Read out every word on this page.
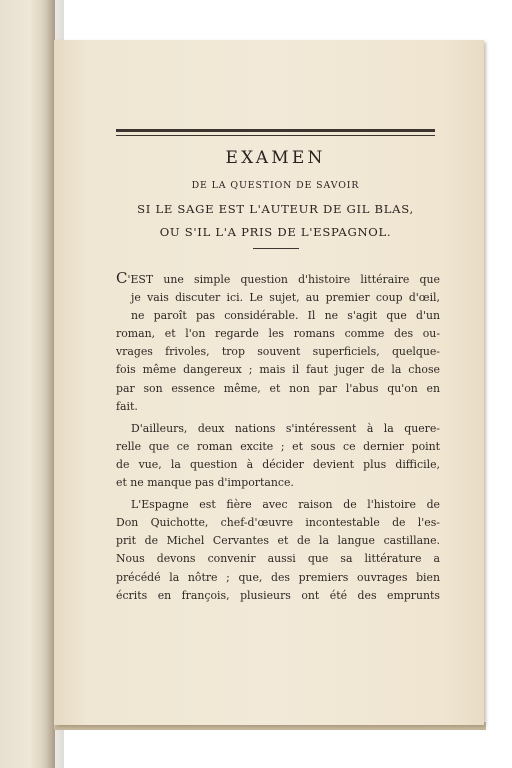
EXAMEN
DE LA QUESTION DE SAVOIR
SI LE SAGE EST L'AUTEUR DE GIL BLAS,
OU S'IL L'A PRIS DE L'ESPAGNOL.
C'EST une simple question d'histoire littéraire que
je vais discuter ici. Le sujet, au premier coup d'œil,
ne paroît pas considérable. Il ne s'agit que d'un
roman, et l'on regarde les romans comme des ou-
vrages frivoles, trop souvent superficiels, quelque-
fois même dangereux ; mais il faut juger de la chose
par son essence même, et non par l'abus qu'on en
fait.
D'ailleurs, deux nations s'intéressent à la quere-
relle que ce roman excite ; et sous ce dernier point
de vue, la question à décider devient plus difficile,
et ne manque pas d'importance.
L'Espagne est fière avec raison de l'histoire de
Don Quichotte, chef-d'œuvre incontestable de l'es-
prit de Michel Cervantes et de la langue castillane.
Nous devons convenir aussi que sa littérature a
précédé la nôtre ; que, des premiers ouvrages bien
écrits en françois, plusieurs ont été des emprunts
